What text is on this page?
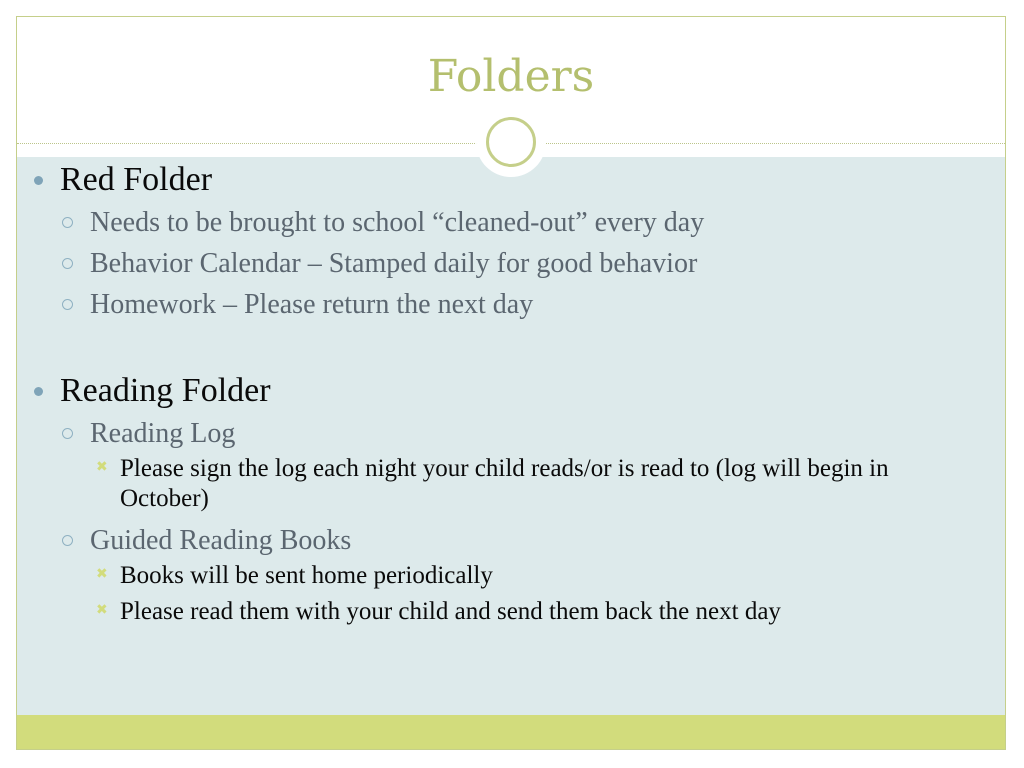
Folders
Red Folder
Needs to be brought to school “cleaned-out” every day
Behavior Calendar – Stamped daily for good behavior
Homework – Please return the next day
Reading Folder
Reading Log
✖ Please sign the log each night your child reads/or is read to (log will begin in October)
Guided Reading Books
✖ Books will be sent home periodically
✖ Please read them with your child and send them back the next day
